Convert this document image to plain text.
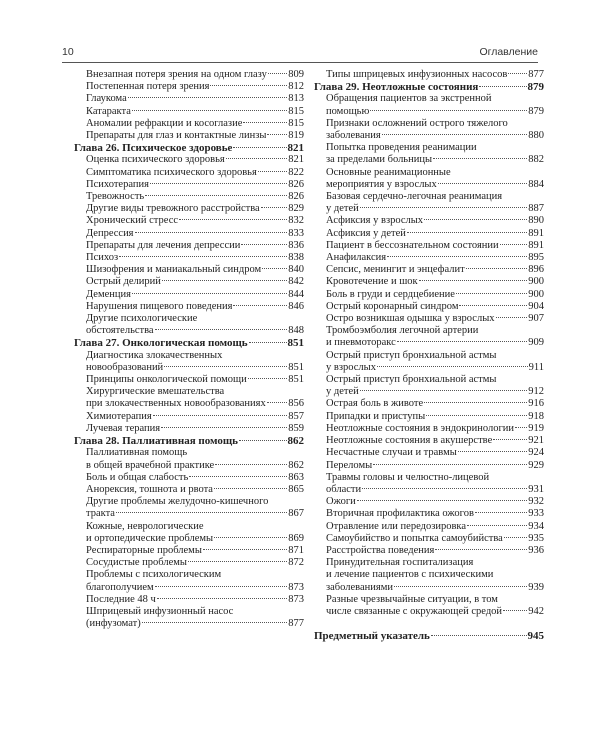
10	Оглавление
Внезапная потеря зрения на одном глазу 809
Постепенная потеря зрения	812
Глаукома	813
Катаракта	815
Аномалии рефракции и косоглазие	815
Препараты для глаз и контактные линзы 819
Глава 26. Психическое здоровье	821
Оценка психического здоровья	821
Симптоматика психического здоровья	822
Психотерапия	826
Тревожность	826
Другие виды тревожного расстройства	829
Хронический стресс	832
Депрессия	833
Препараты для лечения депрессии	836
Психоз	838
Шизофрения и маниакальный синдром	840
Острый делирий	842
Деменция	844
Нарушения пищевого поведения	846
Другие психологические
обстоятельства	848
Глава 27. Онкологическая помощь	851
Диагностика злокачественных
новообразований	851
Принципы онкологической помощи	851
Хирургические вмешательства
при злокачественных новообразованиях 856
Химиотерапия	857
Лучевая терапия	859
Глава 28. Паллиативная помощь	862
Паллиативная помощь
в общей врачебной практике	862
Боль и общая слабость	863
Анорексия, тошнота и рвота	865
Другие проблемы желудочно-кишечного
тракта	867
Кожные, неврологические
и ортопедические проблемы	869
Респираторные проблемы	871
Сосудистые проблемы	872
Проблемы с психологическим
благополучием	873
Последние 48 ч	873
Шприцевый инфузионный насос
(инфузомат)	877
Типы шприцевых инфузионных насосов 877
Глава 29. Неотложные состояния	879
Обращения пациентов за экстренной
помощью	879
Признаки осложнений острого тяжелого
заболевания	880
Попытка проведения реанимации
за пределами больницы	882
Основные реанимационные
мероприятия у взрослых	884
Базовая сердечно-легочная реанимация
у детей	887
Асфиксия у взрослых	890
Асфиксия у детей	891
Пациент в бессознательном состоянии	891
Анафилаксия	895
Сепсис, менингит и энцефалит	896
Кровотечение и шок	900
Боль в груди и сердцебиение	900
Острый коронарный синдром	904
Остро возникшая одышка у взрослых	907
Тромбоэмболия легочной артерии
и пневмоторакс	909
Острый приступ бронхиальной астмы
у взрослых	911
Острый приступ бронхиальной астмы
у детей	912
Острая боль в животе	916
Припадки и приступы	918
Неотложные состояния в эндокринологии 919
Неотложные состояния в акушерстве	921
Несчастные случаи и травмы	924
Переломы	929
Травмы головы и челюстно-лицевой
области	931
Ожоги	932
Вторичная профилактика ожогов	933
Отравление или передозировка	934
Самоубийство и попытка самоубийства 935
Расстройства поведения	936
Принудительная госпитализация
и лечение пациентов с психическими
заболеваниями	939
Разные чрезвычайные ситуации, в том
числе связанные с окружающей средой 942
Предметный указатель	945
